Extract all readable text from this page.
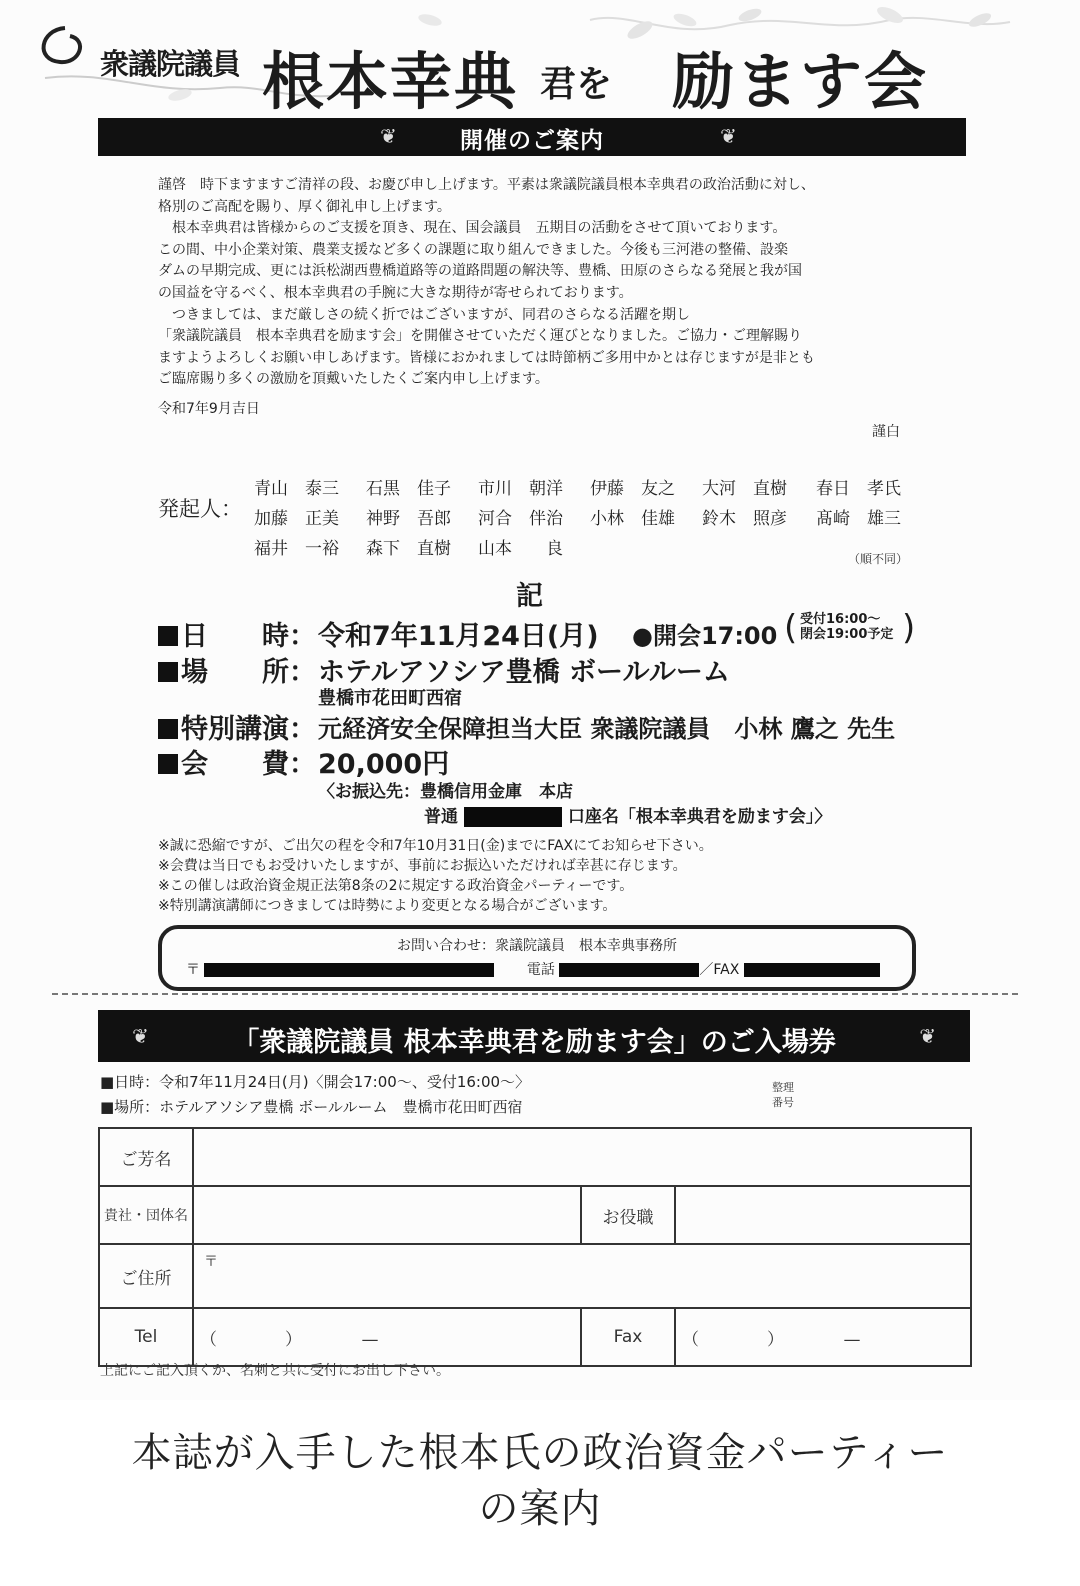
衆議院議員 根本幸典 君を 励ます会
❦	開催のご案内	❦

謹啓　時下ますますご清祥の段、お慶び申し上げます。平素は衆議院議員根本幸典君の政治活動に対し、

格別のご高配を賜り、厚く御礼申し上げます。

　根本幸典君は皆様からのご支援を頂き、現在、国会議員　五期目の活動をさせて頂いております。

この間、中小企業対策、農業支援など多くの課題に取り組んできました。今後も三河港の整備、設楽

ダムの早期完成、更には浜松湖西豊橋道路等の道路問題の解決等、豊橋、田原のさらなる発展と我が国

の国益を守るべく、根本幸典君の手腕に大きな期待が寄せられております。

　つきましては、まだ厳しさの続く折ではございますが、同君のさらなる活躍を期し

「衆議院議員　根本幸典君を励ます会」を開催させていただく運びとなりました。ご協力・ご理解賜り

ますようよろしくお願い申しあげます。皆様におかれましては時節柄ご多用中かとは存じますが是非とも

ご臨席賜り多くの激励を頂戴いたしたくご案内申し上げます。

令和7年9月吉日
謹白
発起人：
青山　泰三 石黒　佳子 市川　朝洋 伊藤　友之 大河　直樹 春日　孝氏
加藤　正美 神野　吾郎 河合　伴治 小林　佳雄 鈴木　照彦 髙崎　雄三
福井　一裕 森下　直樹 山本　　良	（順不同）
記
日　　時： 令和7年11月24日(月) ●開会17:00 ( 受付16:00～
閉会19:00予定 )
場　　所： ホテルアソシア豊橋 ボールルーム
豊橋市花田町西宿
特別講演： 元経済安全保障担当大臣 衆議院議員　小林 鷹之 先生
会　　費： 20,000円
〈お振込先：豊橋信用金庫　本店
普通	口座名「根本幸典君を励ます会」〉

※誠に恐縮ですが、ご出欠の程を令和7年10月31日(金)までにFAXにてお知らせ下さい。

※会費は当日でもお受けいたしますが、事前にお振込いただければ幸甚に存じます。

※この催しは政治資金規正法第8条の2に規定する政治資金パーティーです。

※特別講演講師につきましては時勢により変更となる場合がございます。

お問い合わせ：衆議院議員　根本幸典事務所
〒	電話	／FAX
❦	「衆議院議員 根本幸典君を励ます会」のご入場券	❦
■日時：令和7年11月24日(月)〈開会17:00～、受付16:00～〉
■場所：ホテルアソシア豊橋 ボールルーム　豊橋市花田町西宿
整理
番号
ご芳名			
貴社・団体名		お役職	
ご住所	〒		
Tel	（　　　　）　　　　—	Fax	（　　　　）　　　　—
上記にご記入頂くか、名刺と共に受付にお出し下さい。
本誌が入手した根本氏の政治資金パーティー
の案内
